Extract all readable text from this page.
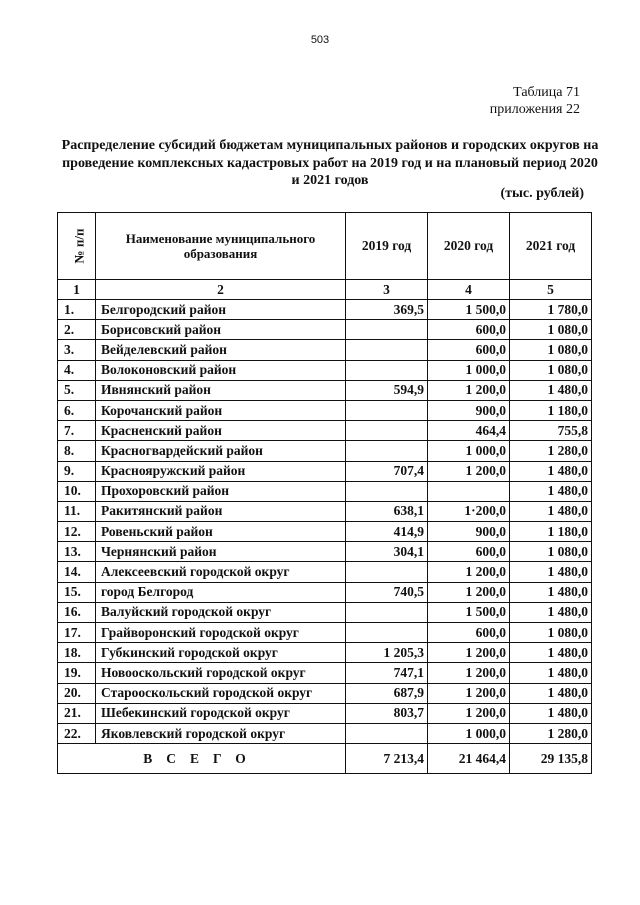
503
Таблица 71
приложения 22
Распределение субсидий бюджетам муниципальных районов и городских округов на проведение комплексных кадастровых работ на 2019 год и на плановый период 2020 и 2021 годов
(тыс. рублей)
№ п/п	Наименование муниципального образования	2019 год	2020 год	2021 год
1	2	3	4	5
1.	Белгородский район	369,5	1 500,0	1 780,0
2.	Борисовский район		600,0	1 080,0
3.	Вейделевский район		600,0	1 080,0
4.	Волоконовский район		1 000,0	1 080,0
5.	Ивнянский район	594,9	1 200,0	1 480,0
6.	Корочанский район		900,0	1 180,0
7.	Красненский район		464,4	755,8
8.	Красногвардейский район		1 000,0	1 280,0
9.	Краснояружский район	707,4	1 200,0	1 480,0
10.	Прохоровский район			1 480,0
11.	Ракитянский район	638,1	1·200,0	1 480,0
12.	Ровеньский район	414,9	900,0	1 180,0
13.	Чернянский район	304,1	600,0	1 080,0
14.	Алексеевский городской округ		1 200,0	1 480,0
15.	город Белгород	740,5	1 200,0	1 480,0
16.	Валуйский городской округ		1 500,0	1 480,0
17.	Грайворонский городской округ		600,0	1 080,0
18.	Губкинский городской округ	1 205,3	1 200,0	1 480,0
19.	Новооскольский городской округ	747,1	1 200,0	1 480,0
20.	Старооскольский городской округ	687,9	1 200,0	1 480,0
21.	Шебекинский городской округ	803,7	1 200,0	1 480,0
22.	Яковлевский городской округ		1 000,0	1 280,0
ВСЕГО		7 213,4	21 464,4	29 135,8
